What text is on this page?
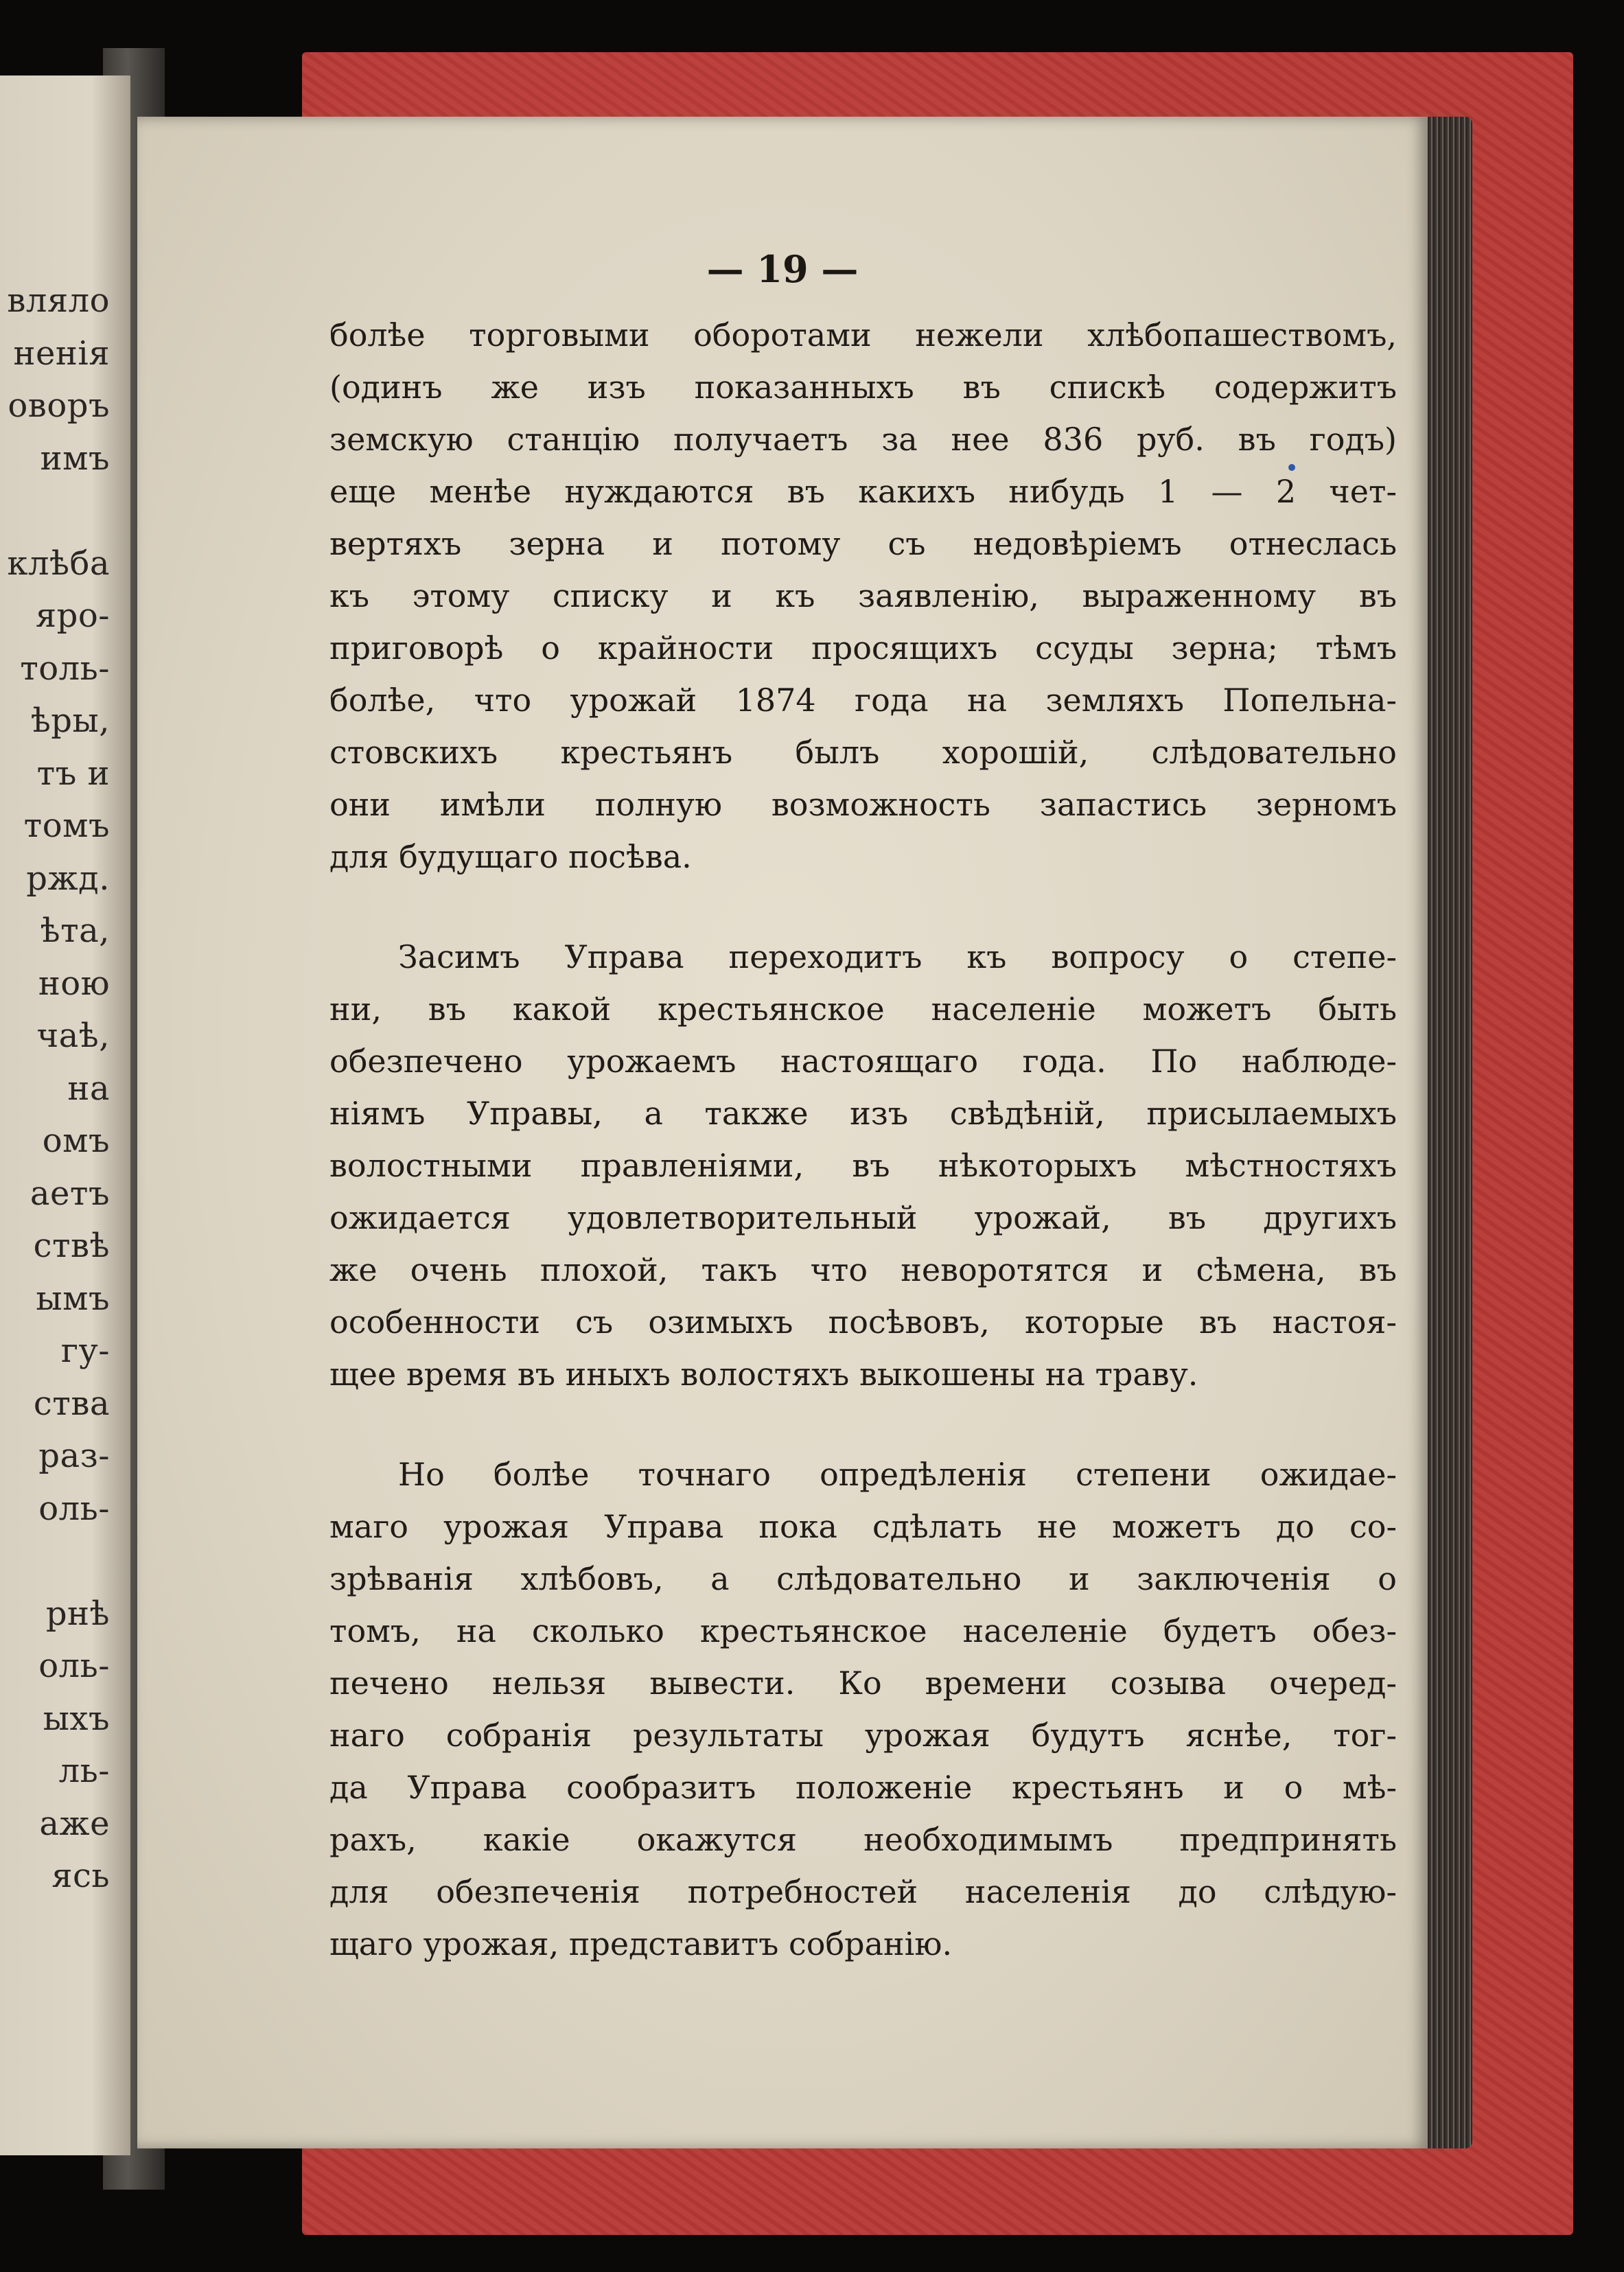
вляло
ненія
оворъ
имъ

клѣба
яро-
толь-
ѣры,
тъ и
томъ
ржд.
ѣта,
ною
чаѣ,
на
омъ
аетъ
ствѣ
ымъ
гу-
ства
раз-
оль-

рнѣ
оль-
ыхъ
ль-
аже
ясь
— 19 —
болѣе торговыми оборотами нежели хлѣбопашествомъ,
(одинъ же изъ показанныхъ въ спискѣ содержитъ
земскую станцію получаетъ за нее 836 руб. въ годъ)
еще менѣе нуждаются въ какихъ нибудь 1 — 2 чет-
вертяхъ зерна и потому съ недовѣріемъ отнеслась
къ этому списку и къ заявленію, выраженному въ
приговорѣ о крайности просящихъ ссуды зерна; тѣмъ
болѣе, что урожай 1874 года на земляхъ Попельна-
стовскихъ крестьянъ былъ хорошій, слѣдовательно
они имѣли полную возможность запастись зерномъ
для будущаго посѣва.
Засимъ Управа переходитъ къ вопросу о степе-
ни, въ какой крестьянское населеніе можетъ быть
обезпечено урожаемъ настоящаго года. По наблюде-
ніямъ Управы, а также изъ свѣдѣній, присылаемыхъ
волостными правленіями, въ нѣкоторыхъ мѣстностяхъ
ожидается удовлетворительный урожай, въ другихъ
же очень плохой, такъ что неворотятся и сѣмена, въ
особенности съ озимыхъ посѣвовъ, которые въ настоя-
щее время въ иныхъ волостяхъ выкошены на траву.
Но болѣе точнаго опредѣленія степени ожидае-
маго урожая Управа пока сдѣлать не можетъ до со-
зрѣванія хлѣбовъ, а слѣдовательно и заключенія о
томъ, на сколько крестьянское населеніе будетъ обез-
печено нельзя вывести. Ко времени созыва очеред-
наго собранія результаты урожая будутъ яснѣе, тог-
да Управа сообразитъ положеніе крестьянъ и о мѣ-
рахъ, какіе окажутся необходимымъ предпринять
для обезпеченія потребностей населенія до слѣдую-
щаго урожая, представитъ собранію.
